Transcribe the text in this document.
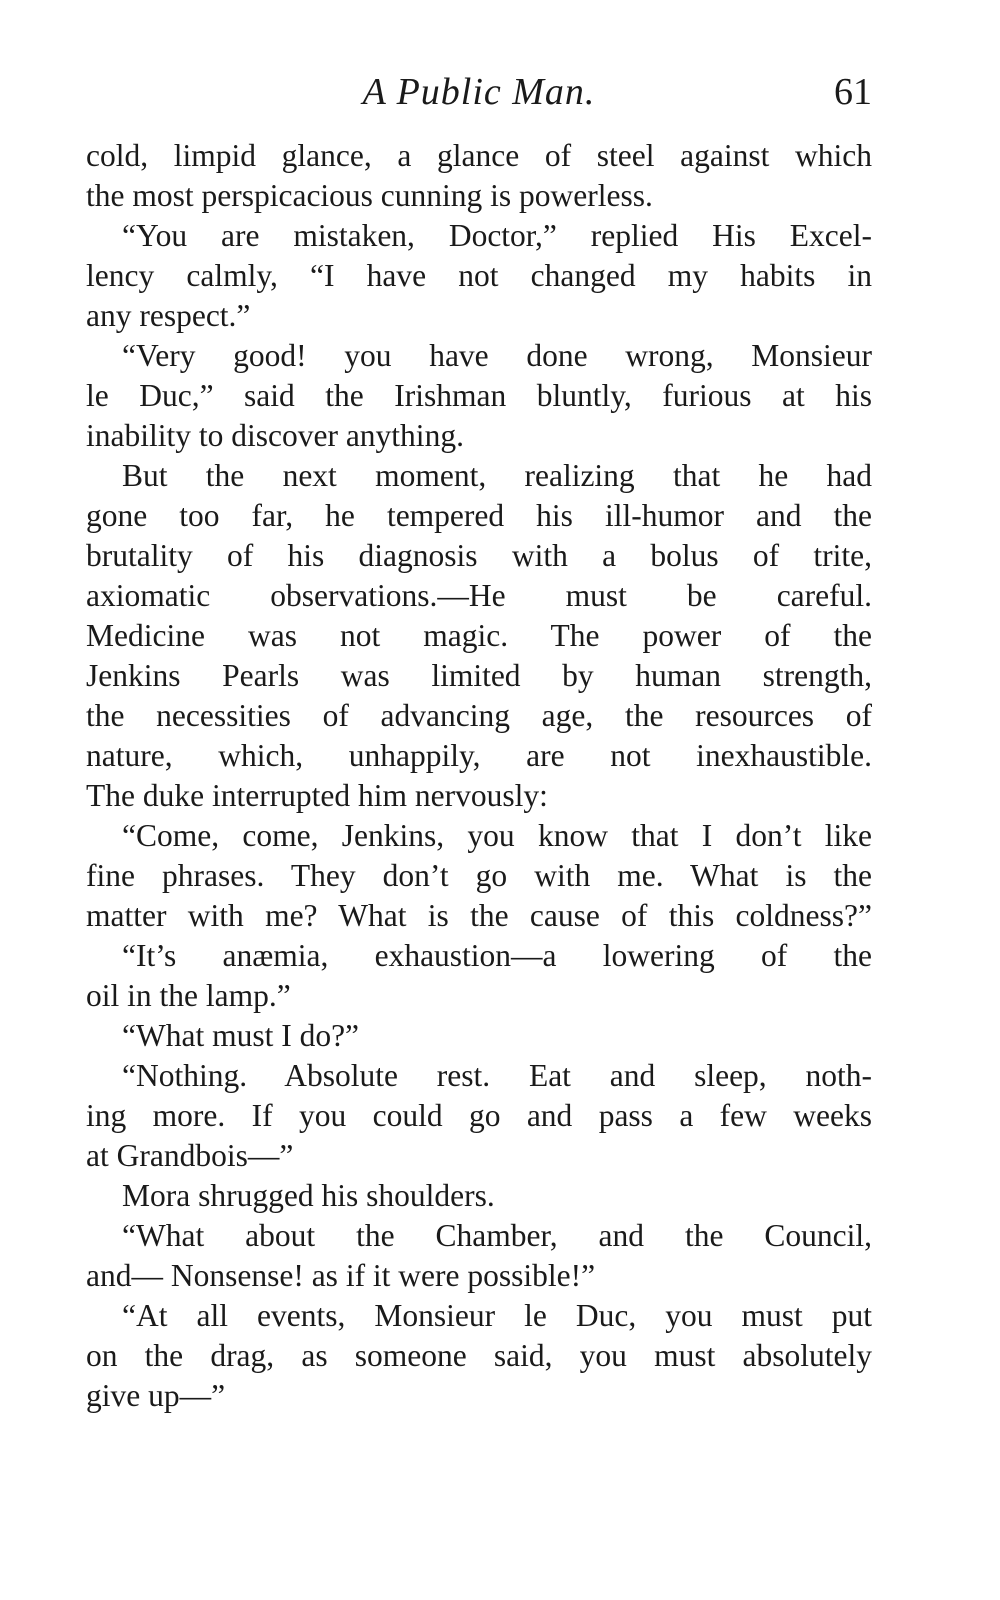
A Public Man.	61
cold, limpid glance, a glance of steel against which
the most perspicacious cunning is powerless.
“You are mistaken, Doctor,” replied His Excel-
lency calmly, “I have not changed my habits in
any respect.”
“Very good! you have done wrong, Monsieur
le Duc,” said the Irishman bluntly, furious at his
inability to discover anything.
But the next moment, realizing that he had
gone too far, he tempered his ill-humor and the
brutality of his diagnosis with a bolus of trite,
axiomatic observations.—He must be careful.
Medicine was not magic. The power of the
Jenkins Pearls was limited by human strength,
the necessities of advancing age, the resources of
nature, which, unhappily, are not inexhaustible.
The duke interrupted him nervously:
“Come, come, Jenkins, you know that I don’t like
fine phrases. They don’t go with me. What is the
matter with me? What is the cause of this coldness?”
“It’s anæmia, exhaustion—a lowering of the
oil in the lamp.”
“What must I do?”
“Nothing. Absolute rest. Eat and sleep, noth-
ing more. If you could go and pass a few weeks
at Grandbois—”
Mora shrugged his shoulders.
“What about the Chamber, and the Council,
and— Nonsense! as if it were possible!”
“At all events, Monsieur le Duc, you must put
on the drag, as someone said, you must absolutely
give up—”
